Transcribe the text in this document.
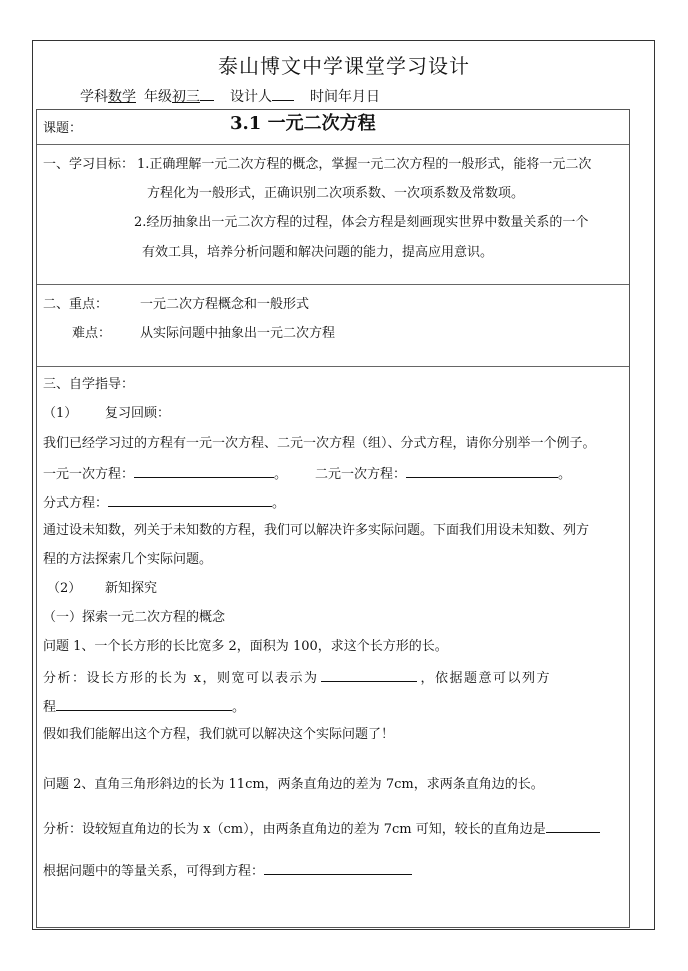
泰山博文中学课堂学习设计
学科数学 年级初三 设计人	时间年月日
课题：	3.1 一元二次方程
一、学习目标： 1.正确理解一元二次方程的概念，掌握一元二次方程的一般形式，能将一元二次
方程化为一般形式，正确识别二次项系数、一次项系数及常数项。
2.经历抽象出一元二次方程的过程，体会方程是刻画现实世界中数量关系的一个
有效工具，培养分析问题和解决问题的能力，提高应用意识。
二、重点： 一元二次方程概念和一般形式
难点： 从实际问题中抽象出一元二次方程
三、自学指导：
（1） 复习回顾：
我们已经学习过的方程有一元一次方程、二元一次方程（组）、分式方程，请你分别举一个例子。
一元一次方程：	。 二元一次方程：	。
分式方程：	。
通过设未知数，列关于未知数的方程，我们可以解决许多实际问题。下面我们用设未知数、列方
程的方法探索几个实际问题。
（2） 新知探究
（一）探索一元二次方程的概念
问题 1、一个长方形的长比宽多 2，面积为 100，求这个长方形的长。
分析：设长方形的长为 x，则宽可以表示为	，依据题意可以列方
程	。
假如我们能解出这个方程，我们就可以解决这个实际问题了！
问题 2、直角三角形斜边的长为 11cm，两条直角边的差为 7cm，求两条直角边的长。
分析：设较短直角边的长为 x（cm），由两条直角边的差为 7cm 可知，较长的直角边是
根据问题中的等量关系，可得到方程：
